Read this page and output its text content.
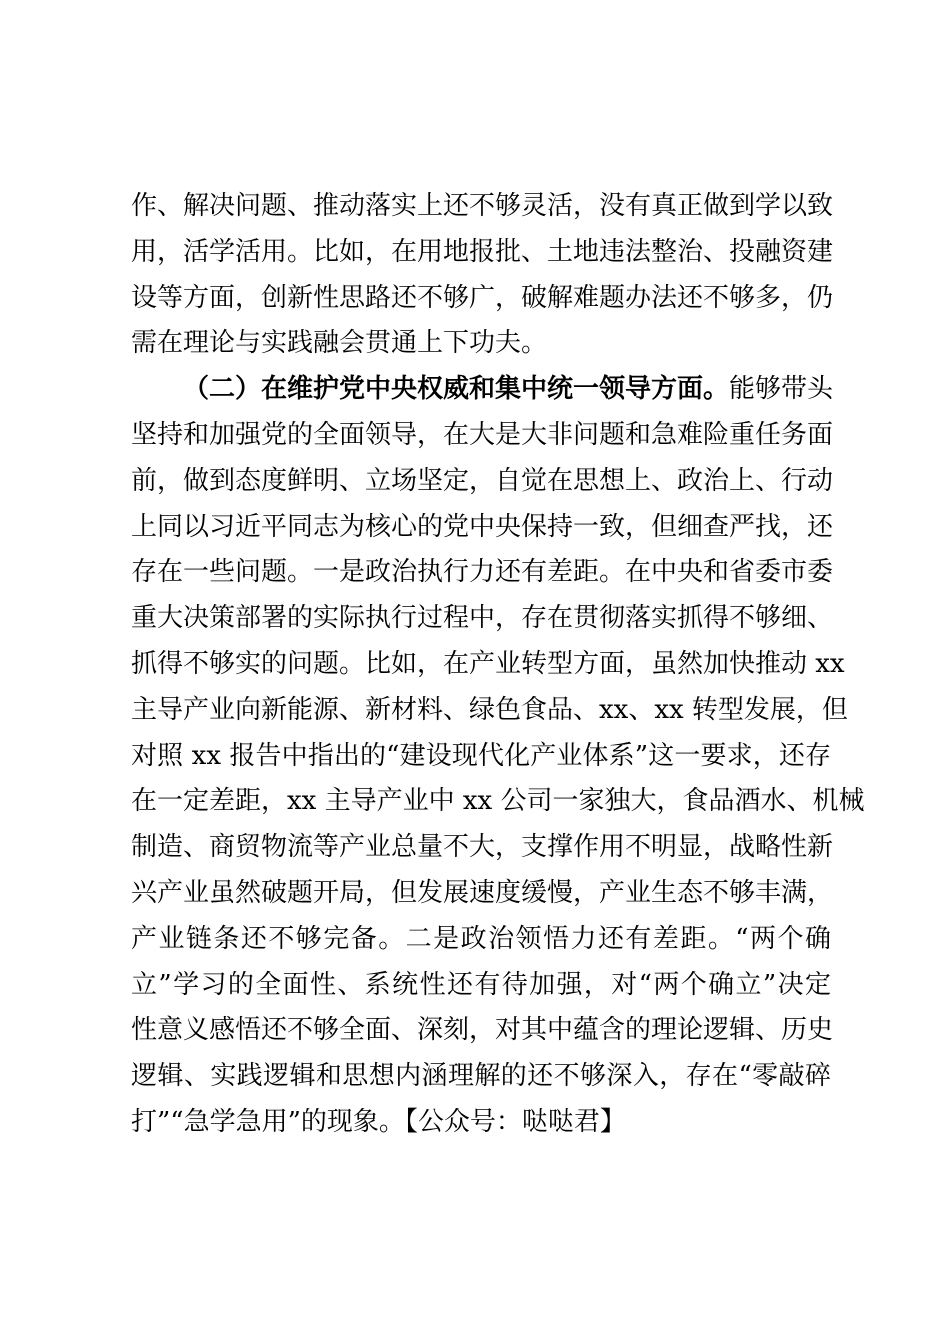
作、解决问题、推动落实上还不够灵活，没有真正做到学以致
用，活学活用。比如，在用地报批、土地违法整治、投融资建
设等方面，创新性思路还不够广，破解难题办法还不够多，仍
需在理论与实践融会贯通上下功夫。
（二）在维护党中央权威和集中统一领导方面。能够带头
坚持和加强党的全面领导，在大是大非问题和急难险重任务面
前，做到态度鲜明、立场坚定，自觉在思想上、政治上、行动
上同以习近平同志为核心的党中央保持一致，但细查严找，还
存在一些问题。一是政治执行力还有差距。在中央和省委市委
重大决策部署的实际执行过程中，存在贯彻落实抓得不够细、
抓得不够实的问题。比如，在产业转型方面，虽然加快推动 xx
主导产业向新能源、新材料、绿色食品、xx、xx 转型发展，但
对照 xx 报告中指出的“建设现代化产业体系”这一要求，还存
在一定差距，xx 主导产业中 xx 公司一家独大，食品酒水、机械
制造、商贸物流等产业总量不大，支撑作用不明显，战略性新
兴产业虽然破题开局，但发展速度缓慢，产业生态不够丰满，
产业链条还不够完备。二是政治领悟力还有差距。“两个确
立”学习的全面性、系统性还有待加强，对“两个确立”决定
性意义感悟还不够全面、深刻，对其中蕴含的理论逻辑、历史
逻辑、实践逻辑和思想内涵理解的还不够深入，存在“零敲碎
打”“急学急用”的现象。【公众号：哒哒君】
